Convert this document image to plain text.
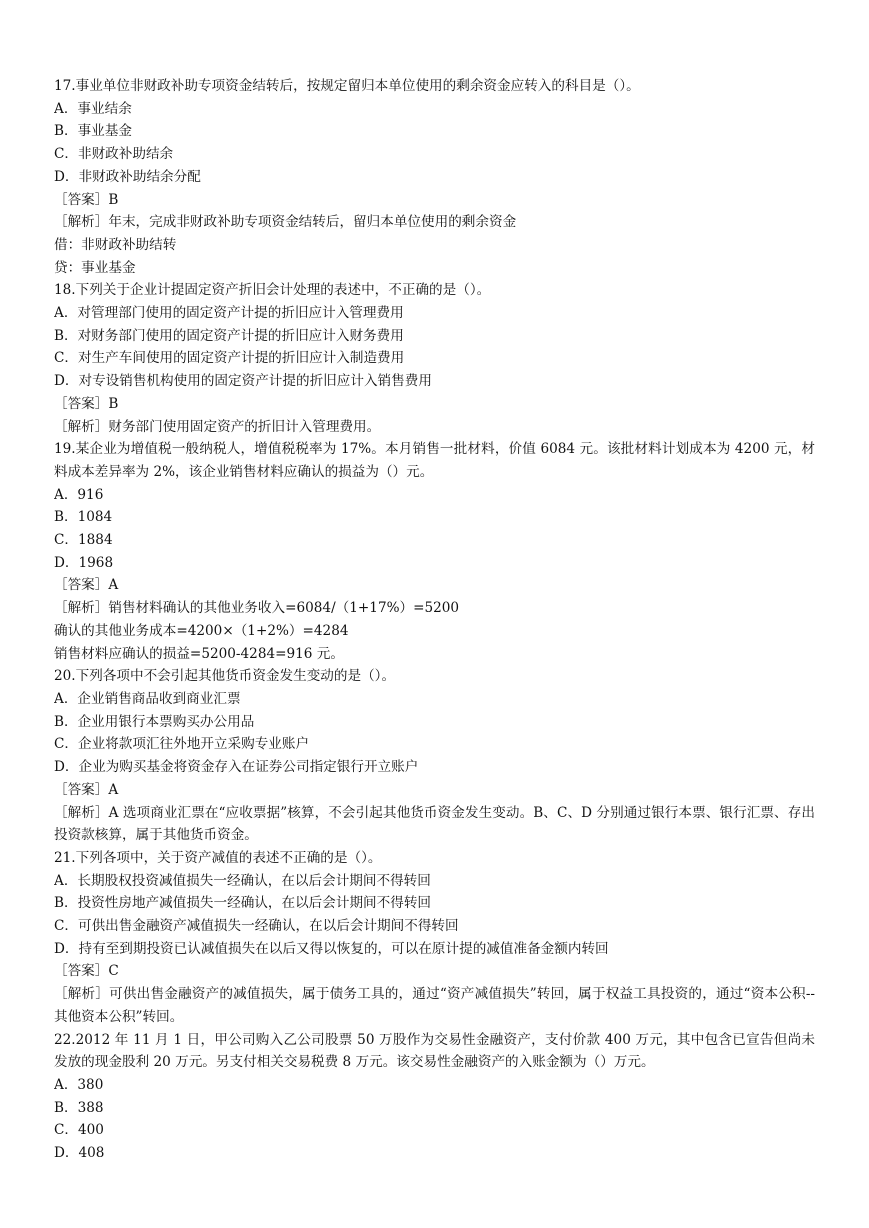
17.事业单位非财政补助专项资金结转后，按规定留归本单位使用的剩余资金应转入的科目是（）。
A．事业结余
B．事业基金
C．非财政补助结余
D．非财政补助结余分配
［答案］B
［解析］年末，完成非财政补助专项资金结转后，留归本单位使用的剩余资金
借：非财政补助结转
贷：事业基金
18.下列关于企业计提固定资产折旧会计处理的表述中，不正确的是（）。
A．对管理部门使用的固定资产计提的折旧应计入管理费用
B．对财务部门使用的固定资产计提的折旧应计入财务费用
C．对生产车间使用的固定资产计提的折旧应计入制造费用
D．对专设销售机构使用的固定资产计提的折旧应计入销售费用
［答案］B
［解析］财务部门使用固定资产的折旧计入管理费用。
19.某企业为增值税一般纳税人，增值税税率为 17%。本月销售一批材料，价值 6084 元。该批材料计划成本为 4200 元，材料成本差异率为 2%，该企业销售材料应确认的损益为（）元。
A．916
B．1084
C．1884
D．1968
［答案］A
［解析］销售材料确认的其他业务收入=6084/（1+17%）=5200
确认的其他业务成本=4200×（1+2%）=4284
销售材料应确认的损益=5200-4284=916 元。
20.下列各项中不会引起其他货币资金发生变动的是（）。
A．企业销售商品收到商业汇票
B．企业用银行本票购买办公用品
C．企业将款项汇往外地开立采购专业账户
D．企业为购买基金将资金存入在证券公司指定银行开立账户
［答案］A
［解析］A 选项商业汇票在“应收票据”核算，不会引起其他货币资金发生变动。B、C、D 分别通过银行本票、银行汇票、存出投资款核算，属于其他货币资金。
21.下列各项中，关于资产减值的表述不正确的是（）。
A．长期股权投资减值损失一经确认，在以后会计期间不得转回
B．投资性房地产减值损失一经确认，在以后会计期间不得转回
C．可供出售金融资产减值损失一经确认，在以后会计期间不得转回
D．持有至到期投资已认减值损失在以后又得以恢复的，可以在原计提的减值准备金额内转回
［答案］C
［解析］可供出售金融资产的减值损失，属于债务工具的，通过“资产减值损失”转回，属于权益工具投资的，通过“资本公积--其他资本公积”转回。
22.2012 年 11 月 1 日，甲公司购入乙公司股票 50 万股作为交易性金融资产，支付价款 400 万元，其中包含已宣告但尚未发放的现金股利 20 万元。另支付相关交易税费 8 万元。该交易性金融资产的入账金额为（）万元。
A．380
B．388
C．400
D．408
